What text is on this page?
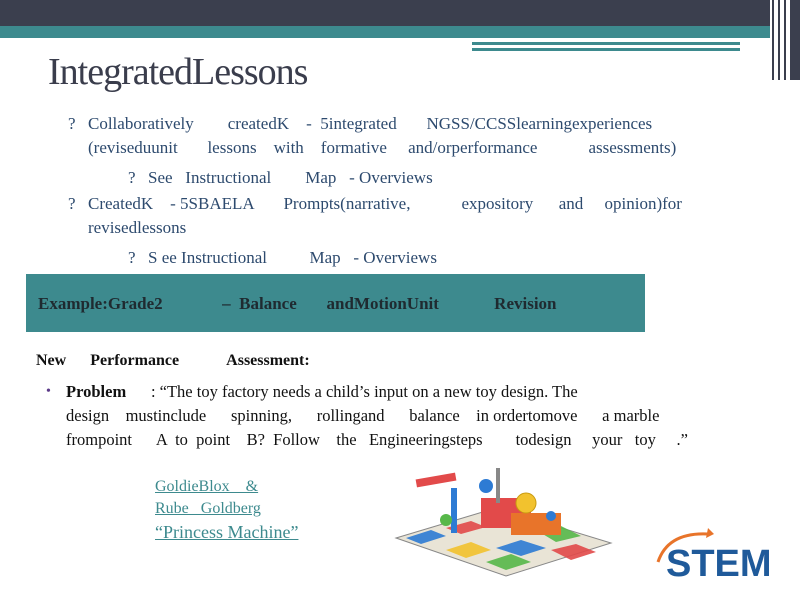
IntegratedLessons
? Collaboratively        createdK    -  5integrated       NGSS/CCSSlearningexperiences
(reviseduunit       lessons    with    formative     and/orperformance            assessments)
? See   Instructional        Map   - Overviews
? CreatedK    - 5SBAELA       Prompts(narrative,            expository      and     opinion)for
revisedlessons
? S ee Instructional          Map   - Overviews
Example:Grade2              –  Balance       andMotionUnit             Revision
New      Performance            Assessment:
• Problem      : “The toy factory needs a child’s input on a new toy design. The
design    mustinclude      spinning,      rollingand      balance    in ordertomove      a marble
frompoint      A  to  point    B?  Follow    the   Engineeringsteps        todesign     your   toy     .”
GoldieBlox    &
Rube   Goldberg
“Princess Machine”
STEM
